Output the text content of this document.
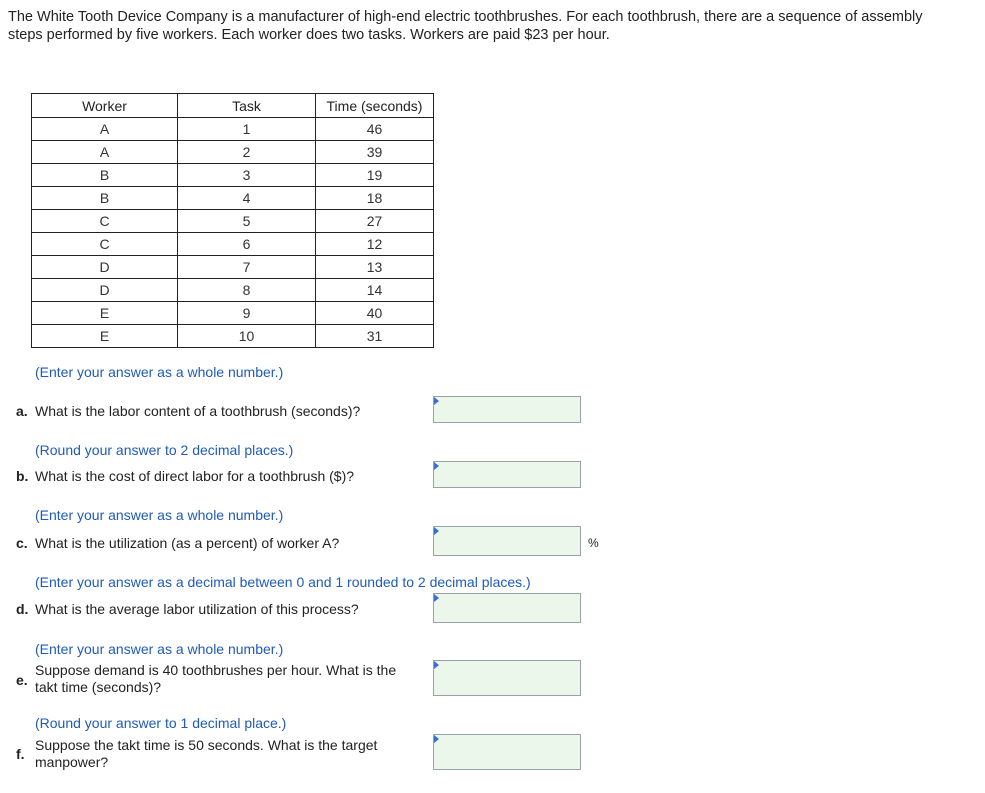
The White Tooth Device Company is a manufacturer of high-end electric toothbrushes. For each toothbrush, there are a sequence of assembly steps performed by five workers. Each worker does two tasks. Workers are paid $23 per hour.
Worker	Task	Time (seconds)
A	1	46
A	2	39
B	3	19
B	4	18
C	5	27
C	6	12
D	7	13
D	8	14
E	9	40
E	10	31
(Enter your answer as a whole number.)
a. What is the labor content of a toothbrush (seconds)?
(Round your answer to 2 decimal places.)
b. What is the cost of direct labor for a toothbrush ($)?
(Enter your answer as a whole number.)
c. What is the utilization (as a percent) of worker A?	%
(Enter your answer as a decimal between 0 and 1 rounded to 2 decimal places.)
d. What is the average labor utilization of this process?
(Enter your answer as a whole number.)
e.
Suppose demand is 40 toothbrushes per hour. What is the
takt time (seconds)?
(Round your answer to 1 decimal place.)
f.
Suppose the takt time is 50 seconds. What is the target
manpower?
